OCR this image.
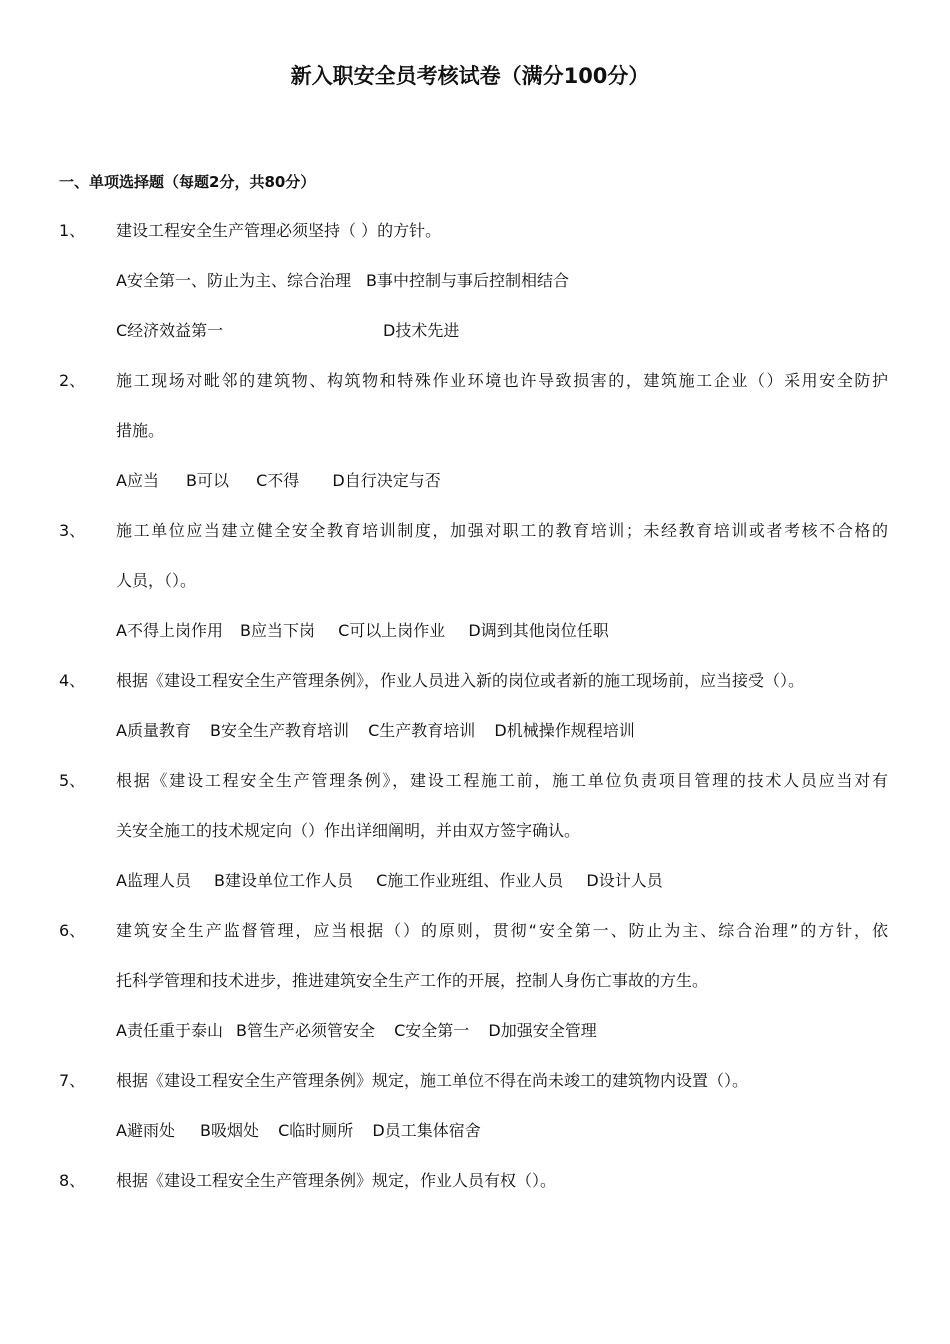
新入职安全员考核试卷（满分100分）
一、单项选择题（每题2分，共80分）
1、 建设工程安全生产管理必须坚持（ ）的方针。
A安全第一、防止为主、综合治理 B事中控制与事后控制相结合
C经济效益第一	D技术先进
2、 施工现场对毗邻的建筑物、构筑物和特殊作业环境也许导致损害的，建筑施工企业（）采用安全防护
措施。
A应当 B可以 C不得 D自行决定与否
3、 施工单位应当建立健全安全教育培训制度，加强对职工的教育培训；未经教育培训或者考核不合格的
人员，（）。
A不得上岗作用 B应当下岗 C可以上岗作业 D调到其他岗位任职
4、 根据《建设工程安全生产管理条例》，作业人员进入新的岗位或者新的施工现场前，应当接受（）。
A质量教育 B安全生产教育培训 C生产教育培训 D机械操作规程培训
5、 根据《建设工程安全生产管理条例》，建设工程施工前，施工单位负责项目管理的技术人员应当对有
关安全施工的技术规定向（）作出详细阐明，并由双方签字确认。
A监理人员 B建设单位工作人员 C施工作业班组、作业人员 D设计人员
6、 建筑安全生产监督管理，应当根据（）的原则，贯彻“安全第一、防止为主、综合治理”的方针，依
托科学管理和技术进步，推进建筑安全生产工作的开展，控制人身伤亡事故的方生。
A责任重于泰山 B管生产必须管安全 C安全第一 D加强安全管理
7、 根据《建设工程安全生产管理条例》规定，施工单位不得在尚未竣工的建筑物内设置（）。
A避雨处 B吸烟处 C临时厕所 D员工集体宿舍
8、 根据《建设工程安全生产管理条例》规定，作业人员有权（）。
